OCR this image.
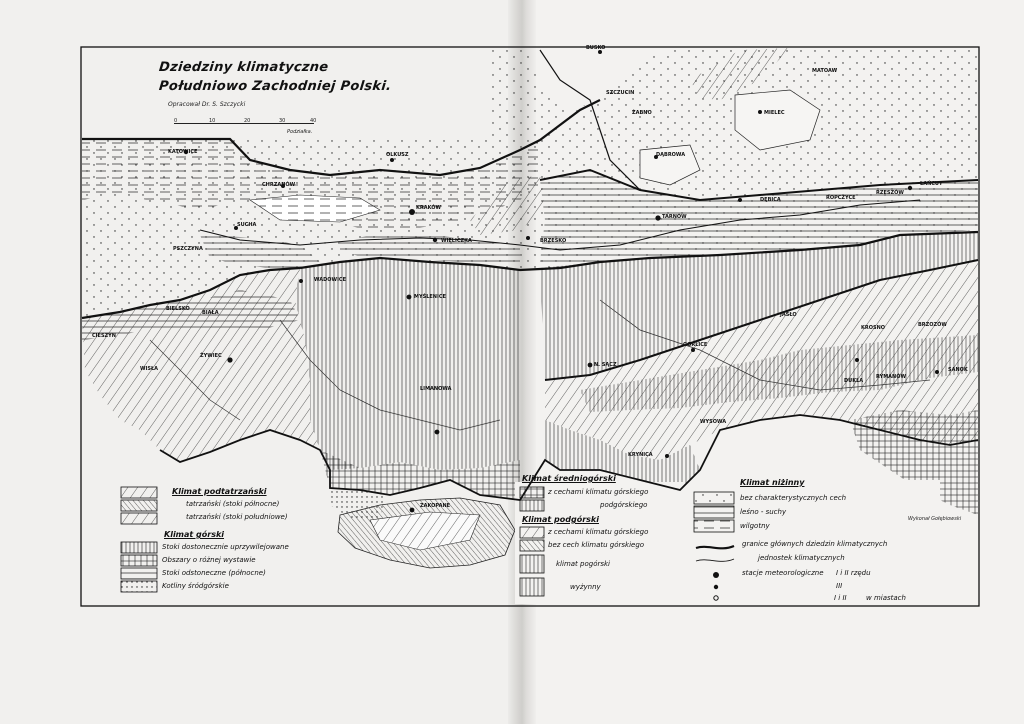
Dziedziny klimatyczne
Południowo Zachodniej Polski.
Opracował Dr. S. Szczycki
0	10	20	30	40
Podziałka.
BUSKO
MATOAW
KATOWICE	OLKUSZ
CHRZANÓW
KRAKÓW
WIELICZKA	BRZESKO
TARNÓW
DĘBICA	ROPCZYCE
RZESZÓW
ŁAŃCUT
MIELEC
DĄBROWA
SZCZUCIN
ŻABNO
WADOWICE
SUCHA
PSZCZYNA
BIELSKO
BIAŁA
CIESZYN
ŻYWIEC
MYŚLENICE
WISŁA
LIMANOWA
N. SĄCZ
GORLICE
JASŁO
KROSNO	BRZOZÓW
SANOK
DUKLA
RYMANÓW
ZAKOPANE
KRYNICA
WYSOWA
Klimat podtatrzański
tatrzański (stoki północne)
tatrzański (stoki południowe)
Klimat górski
Stoki dostonecznie uprzywilejowane
Obszary o różnej wystawie
Stoki odstoneczne (północne)
Kotliny śródgórskie
Klimat średniogórski
z cechami klimatu górskiego
podgórskiego
Klimat podgórski
z cechami klimatu górskiego
bez cech klimatu górskiego
klimat pogórski
wyżynny
Klimat niżinny
bez charakterystycznych cech
leśno - suchy
wilgotny
granice głównych dziedzin klimatycznych
jednostek klimatycznych
stacje meteorologiczne I i II rzędu
III
I i II	w miastach
Wykonał Gołębiowski
